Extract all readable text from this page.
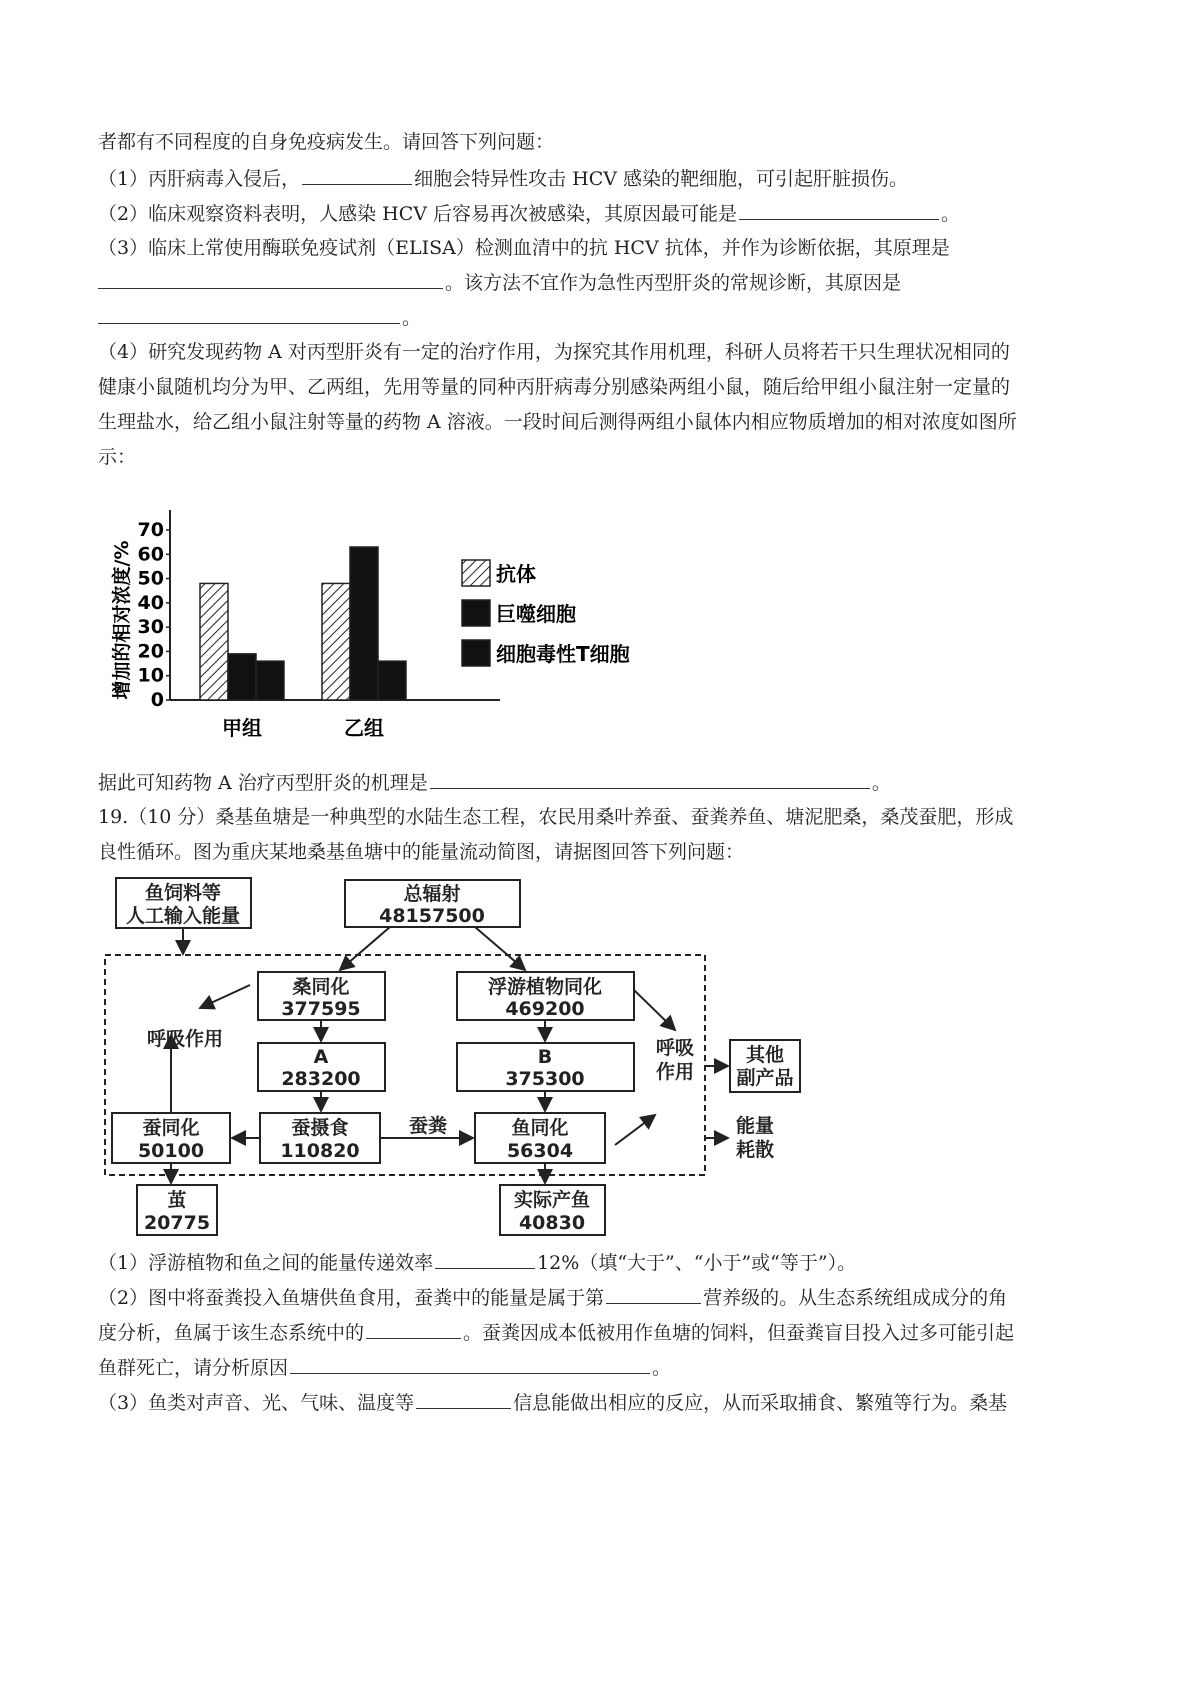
者都有不同程度的自身免疫病发生。请回答下列问题：
（1）丙肝病毒入侵后，	细胞会特异性攻击 HCV 感染的靶细胞，可引起肝脏损伤。
（2）临床观察资料表明，人感染 HCV 后容易再次被感染，其原因最可能是	。
（3）临床上常使用酶联免疫试剂（ELISA）检测血清中的抗 HCV 抗体，并作为诊断依据，其原理是
。该方法不宜作为急性丙型肝炎的常规诊断，其原因是
。
（4）研究发现药物 A 对丙型肝炎有一定的治疗作用，为探究其作用机理，科研人员将若干只生理状况相同的
健康小鼠随机均分为甲、乙两组，先用等量的同种丙肝病毒分别感染两组小鼠，随后给甲组小鼠注射一定量的
生理盐水，给乙组小鼠注射等量的药物 A 溶液。一段时间后测得两组小鼠体内相应物质增加的相对浓度如图所
示：
增加的相对浓度/%
0
10
20
30
40
50
60
70
甲组	乙组
抗体
巨噬细胞
细胞毒性T细胞
据此可知药物 A 治疗丙型肝炎的机理是	。
19.（10 分）桑基鱼塘是一种典型的水陆生态工程，农民用桑叶养蚕、蚕粪养鱼、塘泥肥桑，桑茂蚕肥，形成
良性循环。图为重庆某地桑基鱼塘中的能量流动简图，请据图回答下列问题：
鱼饲料等
人工输入能量
总辐射
48157500
桑同化
377595
浮游植物同化
469200
A
283200
B
375300
蚕摄食
110820
鱼同化
56304
蚕同化
50100
茧
20775
实际产鱼
40830
呼吸作用	呼吸
作用
蚕粪
其他
副产品
能量
耗散
（1）浮游植物和鱼之间的能量传递效率	12%（填“大于”、“小于”或“等于”）。
（2）图中将蚕粪投入鱼塘供鱼食用，蚕粪中的能量是属于第	营养级的。从生态系统组成成分的角
度分析，鱼属于该生态系统中的	。蚕粪因成本低被用作鱼塘的饲料，但蚕粪盲目投入过多可能引起
鱼群死亡，请分析原因	。
（3）鱼类对声音、光、气味、温度等	信息能做出相应的反应，从而采取捕食、繁殖等行为。桑基
